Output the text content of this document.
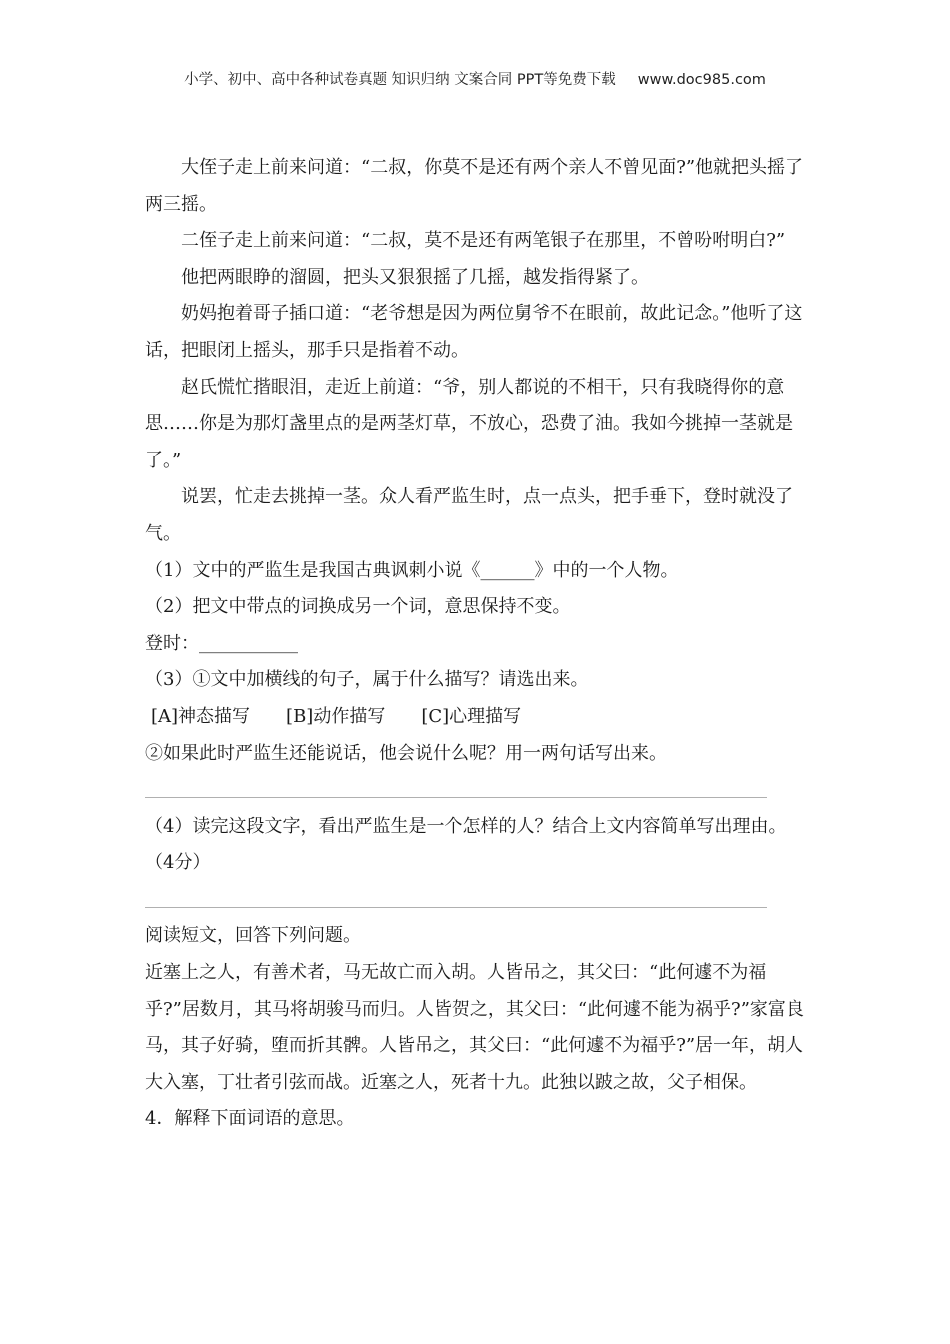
小学、初中、高中各种试卷真题 知识归纳 文案合同 PPT等免费下载 www.doc985.com

大侄子走上前来问道：“二叔，你莫不是还有两个亲人不曾见面?”他就把头摇了两三摇。

二侄子走上前来问道：“二叔，莫不是还有两笔银子在那里，不曾吩咐明白?”

他把两眼睁的溜圆，把头又狠狠摇了几摇，越发指得紧了。

奶妈抱着哥子插口道：“老爷想是因为两位舅爷不在眼前，故此记念。”他听了这话，把眼闭上摇头，那手只是指着不动。

赵氏慌忙揩眼泪，走近上前道：“爷，别人都说的不相干，只有我晓得你的意思……你是为那灯盏里点的是两茎灯草，不放心，恐费了油。我如今挑掉一茎就是了。”

说罢，忙走去挑掉一茎。众人看严监生时，点一点头，把手垂下，登时就没了气。

（1）文中的严监生是我国古典讽刺小说《______》中的一个人物。

（2）把文中带点的词换成另一个词，意思保持不变。

登时：___________

（3）①文中加横线的句子，属于什么描写？请选出来。

[A]神态描写 [B]动作描写 [C]心理描写

②如果此时严监生还能说话，他会说什么呢？用一两句话写出来。

（4）读完这段文字，看出严监生是一个怎样的人？结合上文内容简单写出理由。

（4分）

阅读短文，回答下列问题。

近塞上之人，有善术者，马无故亡而入胡。人皆吊之，其父曰：“此何遽不为福乎?”居数月，其马将胡骏马而归。人皆贺之，其父曰：“此何遽不能为祸乎?”家富良马，其子好骑，堕而折其髀。人皆吊之，其父曰：“此何遽不为福乎?”居一年，胡人大入塞，丁壮者引弦而战。近塞之人，死者十九。此独以跛之故，父子相保。

4．解释下面词语的意思。
